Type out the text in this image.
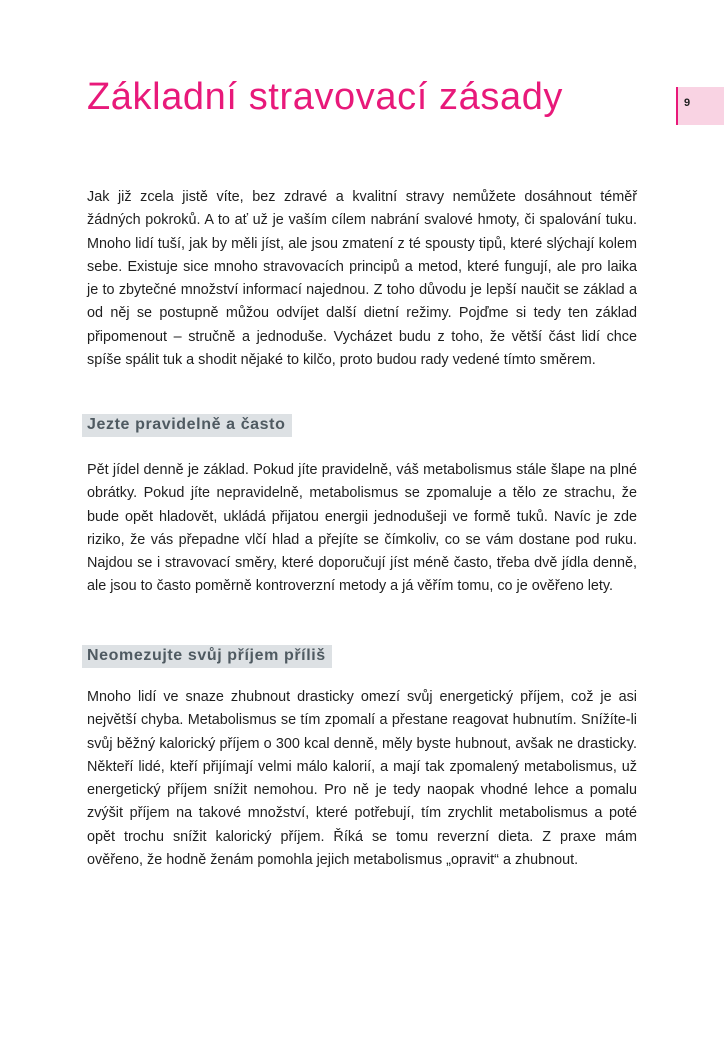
9
Základní stravovací zásady

Jak již zcela jistě víte, bez zdravé a kvalitní stravy nemůžete dosáhnout téměř žádných pokroků. A to ať už je vaším cílem nabrání svalové hmoty, či spalování tuku. Mnoho lidí tuší, jak by měli jíst, ale jsou zmatení z té spousty tipů, které slýchají kolem sebe. Existuje sice mnoho stravovacích principů a metod, které fungují, ale pro laika je to zbytečné množství informací najednou. Z toho důvodu je lepší naučit se základ a od něj se postupně můžou odvíjet další dietní režimy. Pojďme si tedy ten základ připomenout – stručně a jednoduše. Vycházet budu z toho, že větší část lidí chce spíše spálit tuk a shodit nějaké to kilčo, proto budou rady vedené tímto směrem.

Jezte pravidelně a často

Pět jídel denně je základ. Pokud jíte pravidelně, váš metabolismus stále šlape na plné obrátky. Pokud jíte nepravidelně, metabolismus se zpomaluje a tělo ze strachu, že bude opět hladovět, ukládá přijatou energii jednodušeji ve formě tuků. Navíc je zde riziko, že vás přepadne vlčí hlad a přejíte se čímkoliv, co se vám dostane pod ruku. Najdou se i stravovací směry, které doporučují jíst méně často, třeba dvě jídla denně, ale jsou to často poměrně kontroverzní metody a já věřím tomu, co je ověřeno lety.

Neomezujte svůj příjem příliš

Mnoho lidí ve snaze zhubnout drasticky omezí svůj energetický příjem, což je asi největší chyba. Metabolismus se tím zpomalí a přestane reagovat hubnutím. Snížíte-li svůj běžný kalorický příjem o 300 kcal denně, měly byste hubnout, avšak ne drasticky. Někteří lidé, kteří přijímají velmi málo kalorií, a mají tak zpomalený metabolismus, už energetický příjem snížit nemohou. Pro ně je tedy naopak vhodné lehce a pomalu zvýšit příjem na takové množství, které potřebují, tím zrychlit metabolismus a poté opět trochu snížit kalorický příjem. Říká se tomu reverzní dieta. Z praxe mám ověřeno, že hodně ženám pomohla jejich metabolismus „opravit“ a zhubnout.
